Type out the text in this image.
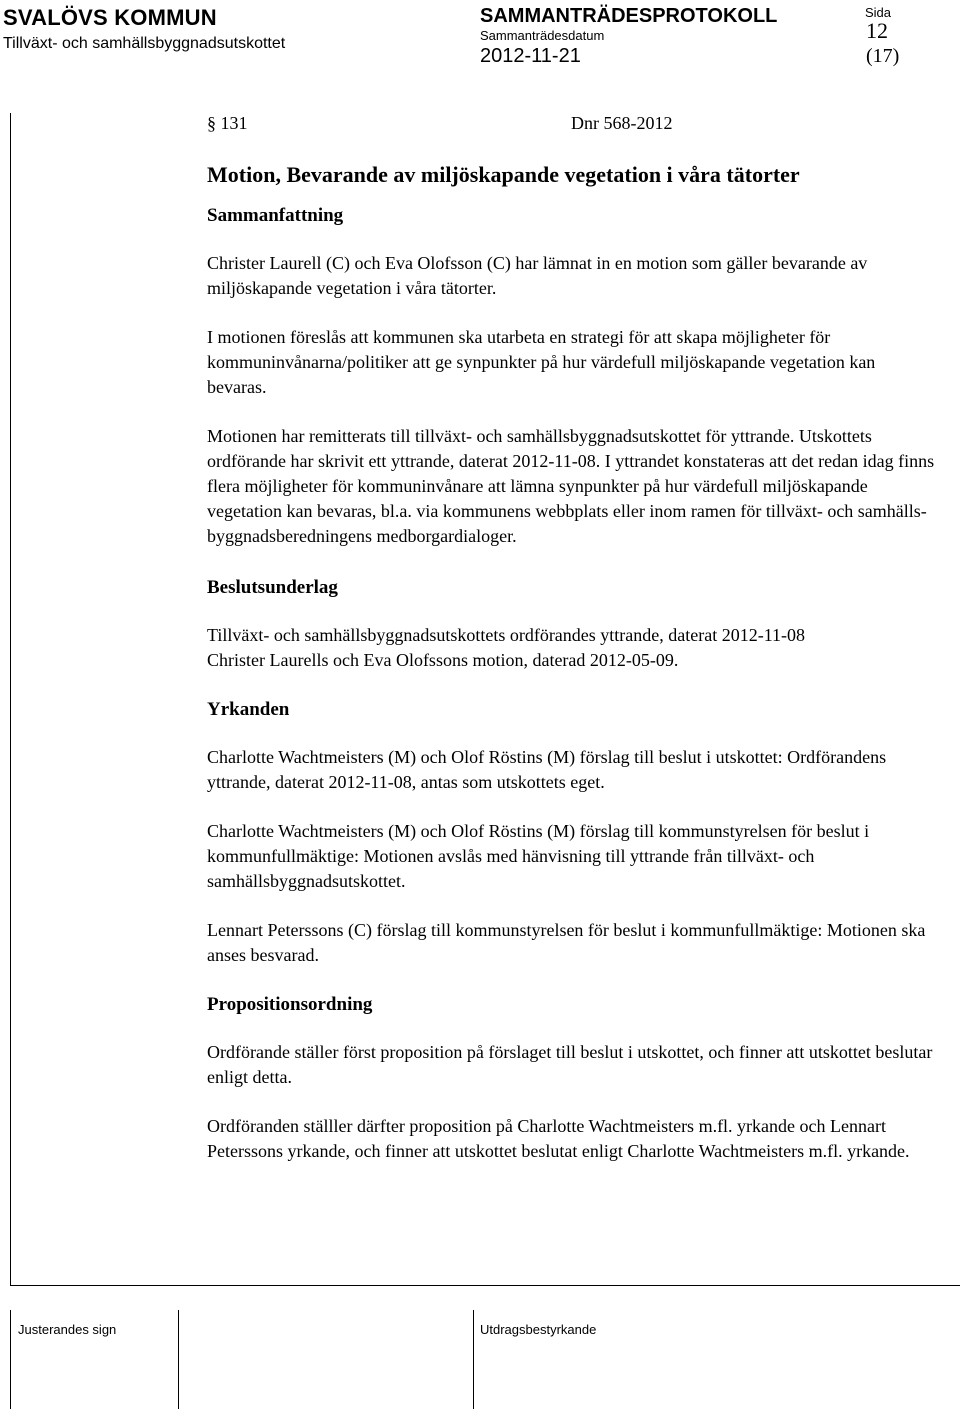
SVALÖVS KOMMUN
Tillväxt- och samhällsbyggnadsutskottet
SAMMANTRÄDESPROTOKOLL
Sammanträdesdatum
2012-11-21
Sida
12
(17)
§ 131	Dnr 568-2012
Motion, Bevarande av miljöskapande vegetation i våra tätorter
Sammanfattning

Christer Laurell (C) och Eva Olofsson (C) har lämnat in en motion som gäller bevarande av miljöskapande vegetation i våra tätorter.

I motionen föreslås att kommunen ska utarbeta en strategi för att skapa möjligheter för kommuninvånarna/politiker att ge synpunkter på hur värdefull miljöskapande vegetation kan bevaras.

Motionen har remitterats till tillväxt- och samhällsbyggnadsutskottet för yttrande. Utskottets ordförande har skrivit ett yttrande, daterat 2012-11-08. I yttrandet konstateras att det redan idag finns flera möjligheter för kommuninvånare att lämna synpunkter på hur värdefull miljöskapande vegetation kan bevaras, bl.a. via kommunens webbplats eller inom ramen för tillväxt- och samhälls-byggnadsberedningens medborgardialoger.

Beslutsunderlag

Tillväxt- och samhällsbyggnadsutskottets ordförandes yttrande, daterat 2012-11-08

Christer Laurells och Eva Olofssons motion, daterad 2012-05-09.

Yrkanden

Charlotte Wachtmeisters (M) och Olof Röstins (M) förslag till beslut i utskottet: Ordförandens yttrande, daterat 2012-11-08, antas som utskottets eget.

Charlotte Wachtmeisters (M) och Olof Röstins (M) förslag till kommunstyrelsen för beslut i kommunfullmäktige: Motionen avslås med hänvisning till yttrande från tillväxt- och samhällsbyggnadsutskottet.

Lennart Peterssons (C) förslag till kommunstyrelsen för beslut i kommunfullmäktige: Motionen ska anses besvarad.

Propositionsordning

Ordförande ställer först proposition på förslaget till beslut i utskottet, och finner att utskottet beslutar enligt detta.

Ordföranden ställler därfter proposition på Charlotte Wachtmeisters m.fl. yrkande och Lennart Peterssons yrkande, och finner att utskottet beslutat enligt Charlotte Wachtmeisters m.fl. yrkande.

Justerandes sign	Utdragsbestyrkande
